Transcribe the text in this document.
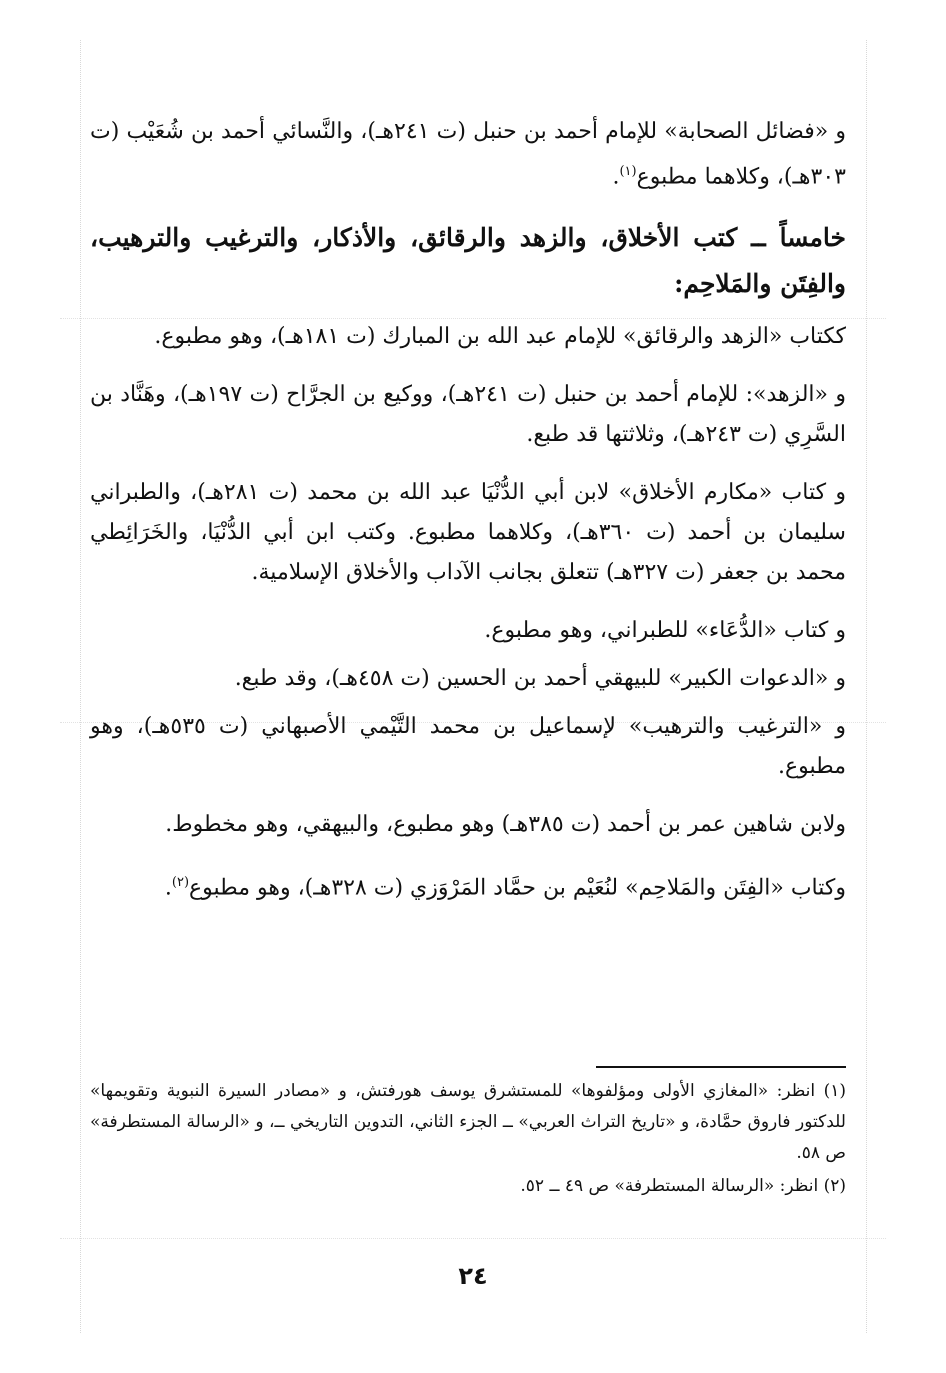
و «فضائل الصحابة» للإمام أحمد بن حنبل (ت ٢٤١هـ)، والنَّسائي أحمد بن شُعَيْب (ت ٣٠٣هـ)، وكلاهما مطبوع$^{(١)}$.

خامساً ــ كتب الأخلاق، والزهد والرقائق، والأذكار، والترغيب والترهيب، والفِتَن والمَلاحِم:

ككتاب «الزهد والرقائق» للإمام عبد الله بن المبارك (ت ١٨١هـ)، وهو مطبوع.

و «الزهد»: للإمام أحمد بن حنبل (ت ٢٤١هـ)، ووكيع بن الجرَّاح (ت ١٩٧هـ)، وهَنَّاد بن السَّرِي (ت ٢٤٣هـ)، وثلاثتها قد طبع.

و كتاب «مكارم الأخلاق» لابن أبي الدُّنْيَا عبد الله بن محمد (ت ٢٨١هـ)، والطبراني سليمان بن أحمد (ت ٣٦٠هـ)، وكلاهما مطبوع. وكتب ابن أبي الدُّنْيَا، والخَرَائِطي محمد بن جعفر (ت ٣٢٧هـ) تتعلق بجانب الآداب والأخلاق الإسلامية.

و كتاب «الدُّعَاء» للطبراني، وهو مطبوع.

و «الدعوات الكبير» للبيهقي أحمد بن الحسين (ت ٤٥٨هـ)، وقد طبع.

و «الترغيب والترهيب» لإسماعيل بن محمد التَّيْمي الأصبهاني (ت ٥٣٥هـ)، وهو مطبوع.

ولابن شاهين عمر بن أحمد (ت ٣٨٥هـ) وهو مطبوع، والبيهقي، وهو مخطوط.

وكتاب «الفِتَن والمَلاحِم» لنُعَيْم بن حمَّاد المَرْوَزي (ت ٣٢٨هـ)، وهو مطبوع$^{(٢)}$.

(١) انظر: «المغازي الأولى ومؤلفوها» للمستشرق يوسف هورفتش، و «مصادر السيرة النبوية وتقويمها» للدكتور فاروق حمَّادة، و «تاريخ التراث العربي» ــ الجزء الثاني، التدوين التاريخي ــ، و «الرسالة المستطرفة» ص ٥٨.

(٢) انظر: «الرسالة المستطرفة» ص ٤٩ ــ ٥٢.

٢٤
